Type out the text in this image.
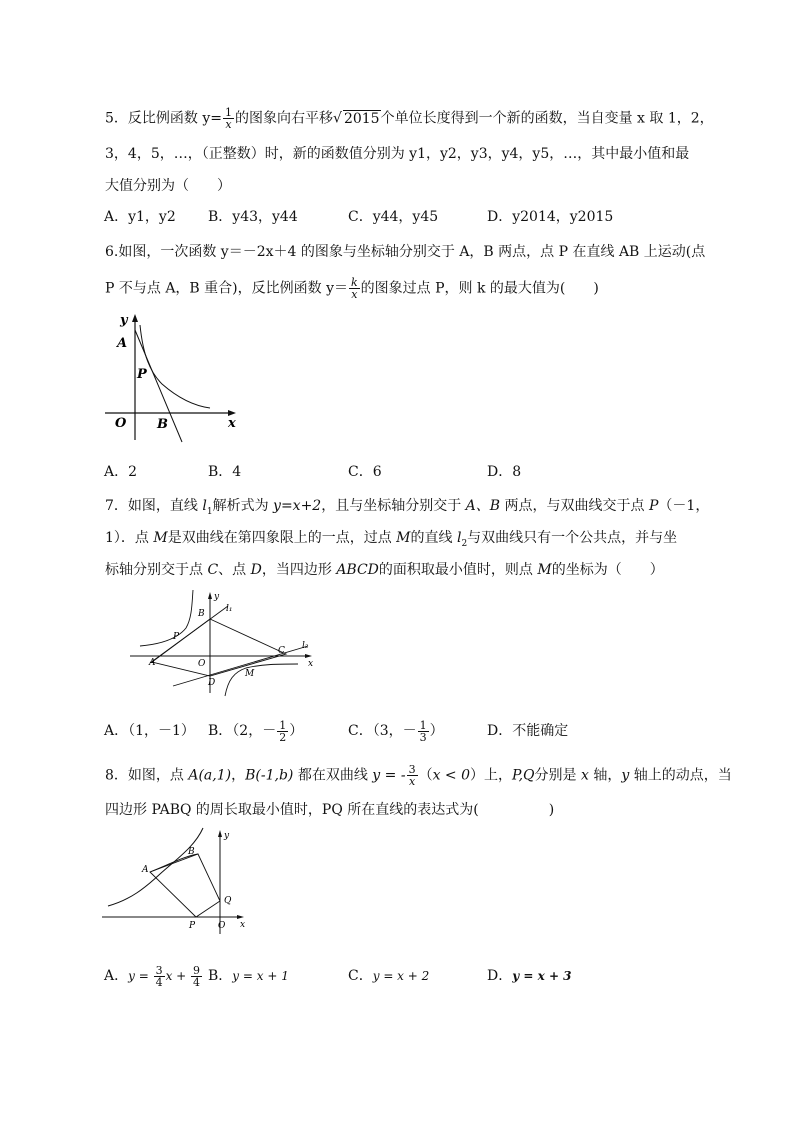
5．反比例函数 $y= \frac{1}{x}$ 的图象向右平移√ 2015个单位长度得到一个新的函数，当自变量 x 取 1，2，
3，4，5，…，（正整数）时，新的函数值分别为 y1，y2，y3，y4，y5，…，其中最小值和最
大值分别为（　　）
A．y1，y2 B．y43，y44	C．y44，y45	D．y2014，y2015
6.如图，一次函数 y＝－2x＋4 的图象与坐标轴分别交于 A，B 两点，点 P 在直线 AB 上运动(点
P 不与点 A，B 重合)，反比例函数 $y= \frac{k}{x}$ 的图象过点 P，则 k 的最大值为(　　)
y
A
P
O B	x
A．2	B．4	C．6	D．8
7．如图，直线 $l_1$解析式为 y=x+2，且与坐标轴分别交于 A、B 两点，与双曲线交于点 P（－1，
1）．点 M是双曲线在第四象限上的一点，过点 M的直线 $l_2$与双曲线只有一个公共点，并与坐
标轴分别交于点 C、点 D，当四边形 ABCD的面积取最小值时，则点 M的坐标为（　　）
y
B l₁
P
A	O
C l₂
x
D
M
A．（1，－1） B．（2，－ $\frac{1}{2}$ ）	C．（3，－ $\frac{1}{3}$ ）	D．不能确定
8．如图，点 A(a,1)，B(-1,b) 都在双曲线 y = - $\frac{3}{x} (x < 0)$上，P,Q分别是 x 轴，y 轴上的动点，当
四边形 PABQ 的周长取最小值时，PQ 所在直线的表达式为(　　　　　)
y
B
A
Q
x
P	O
A．$y = \frac{3}{4}$ $x + \frac{9}{4}$ B．y = x + 1	C．y = x + 2	D．y = x + 3
